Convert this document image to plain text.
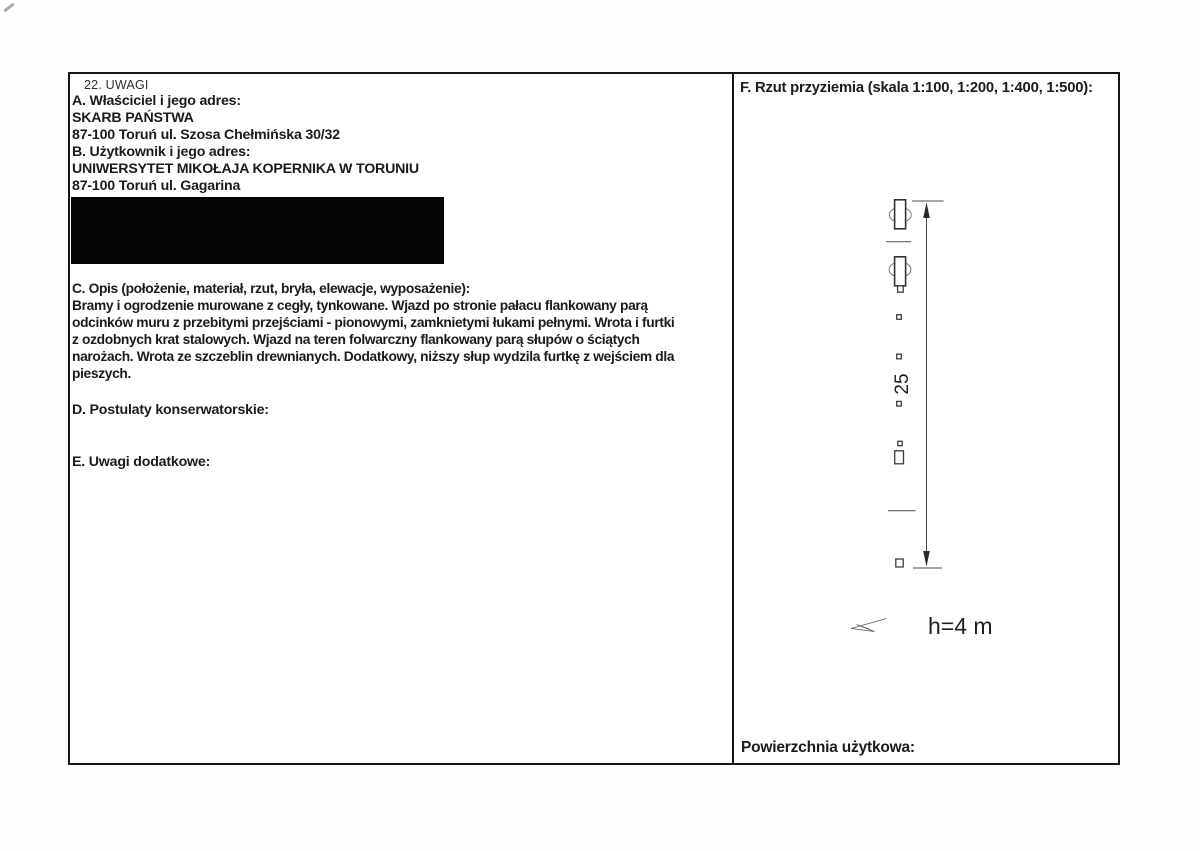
22. UWAGI
A. Właściciel i jego adres:
SKARB PAŃSTWA
87-100 Toruń ul. Szosa Chełmińska 30/32
B. Użytkownik i jego adres:
UNIWERSYTET MIKOŁAJA KOPERNIKA W TORUNIU
87-100 Toruń ul. Gagarina
C. Opis (położenie, materiał, rzut, bryła, elewacje, wyposażenie):
Bramy i ogrodzenie murowane z cegły, tynkowane. Wjazd po stronie pałacu flankowany parą
odcinków muru z przebitymi przejściami - pionowymi, zamknietymi łukami pełnymi. Wrota i furtki
z ozdobnych krat stalowych. Wjazd na teren folwarczny flankowany parą słupów o ściątych
narożach. Wrota ze szczeblin drewnianych. Dodatkowy, niższy słup wydzila furtkę z wejściem dla
pieszych.
D. Postulaty konserwatorskie:
E. Uwagi dodatkowe:
F. Rzut przyziemia (skala 1:100, 1:200, 1:400, 1:500):
25
h=4 m
Powierzchnia użytkowa:
